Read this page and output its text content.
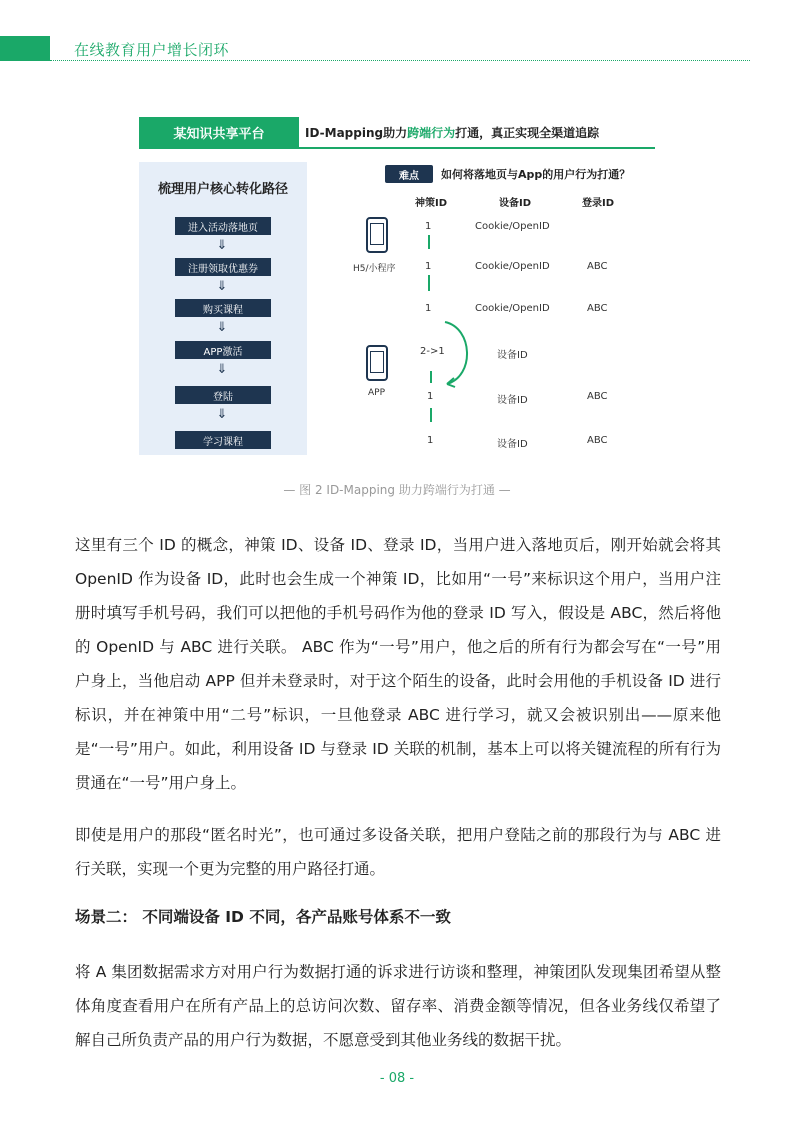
在线教育用户增长闭环
某知识共享平台	ID-Mapping助力 跨端行为 打通，真正实现全渠道追踪
梳理用户核心转化路径
进入活动落地页
⇓
注册领取优惠券
⇓
购买课程
⇓
APP激活
⇓
登陆
⇓
学习课程
难点	如何将落地页与App的用户行为打通？
神策ID	设备ID	登录ID
H5/小程序
APP
1	Cookie/OpenID
1	Cookie/OpenID	ABC
1	Cookie/OpenID	ABC
2->1	设备ID
1	设备ID	ABC
1	设备ID	ABC
— 图 2 ID-Mapping 助力跨端行为打通 —
这里有三个 ID 的概念，神策 ID、设备 ID、登录 ID，当用户进入落地页后，刚开始就会将其 OpenID 作为设备 ID，此时也会生成一个神策 ID，比如用“一号”来标识这个用户，当用户注册时填写手机号码，我们可以把他的手机号码作为他的登录 ID 写入，假设是 ABC，然后将他的 OpenID 与 ABC 进行关联。 ABC 作为“一号”用户，他之后的所有行为都会写在“一号”用户身上，当他启动 APP 但并未登录时，对于这个陌生的设备，此时会用他的手机设备 ID 进行标识，并在神策中用“二号”标识，一旦他登录 ABC 进行学习，就又会被识别出——原来他是“一号”用户。如此，利用设备 ID 与登录 ID 关联的机制，基本上可以将关键流程的所有行为贯通在“一号”用户身上。
即使是用户的那段“匿名时光”，也可通过多设备关联，把用户登陆之前的那段行为与 ABC 进行关联，实现一个更为完整的用户路径打通。
场景二： 不同端设备 ID 不同，各产品账号体系不一致
将 A 集团数据需求方对用户行为数据打通的诉求进行访谈和整理，神策团队发现集团希望从整体角度查看用户在所有产品上的总访问次数、留存率、消费金额等情况，但各业务线仅希望了解自己所负责产品的用户行为数据，不愿意受到其他业务线的数据干扰。
- 08 -
